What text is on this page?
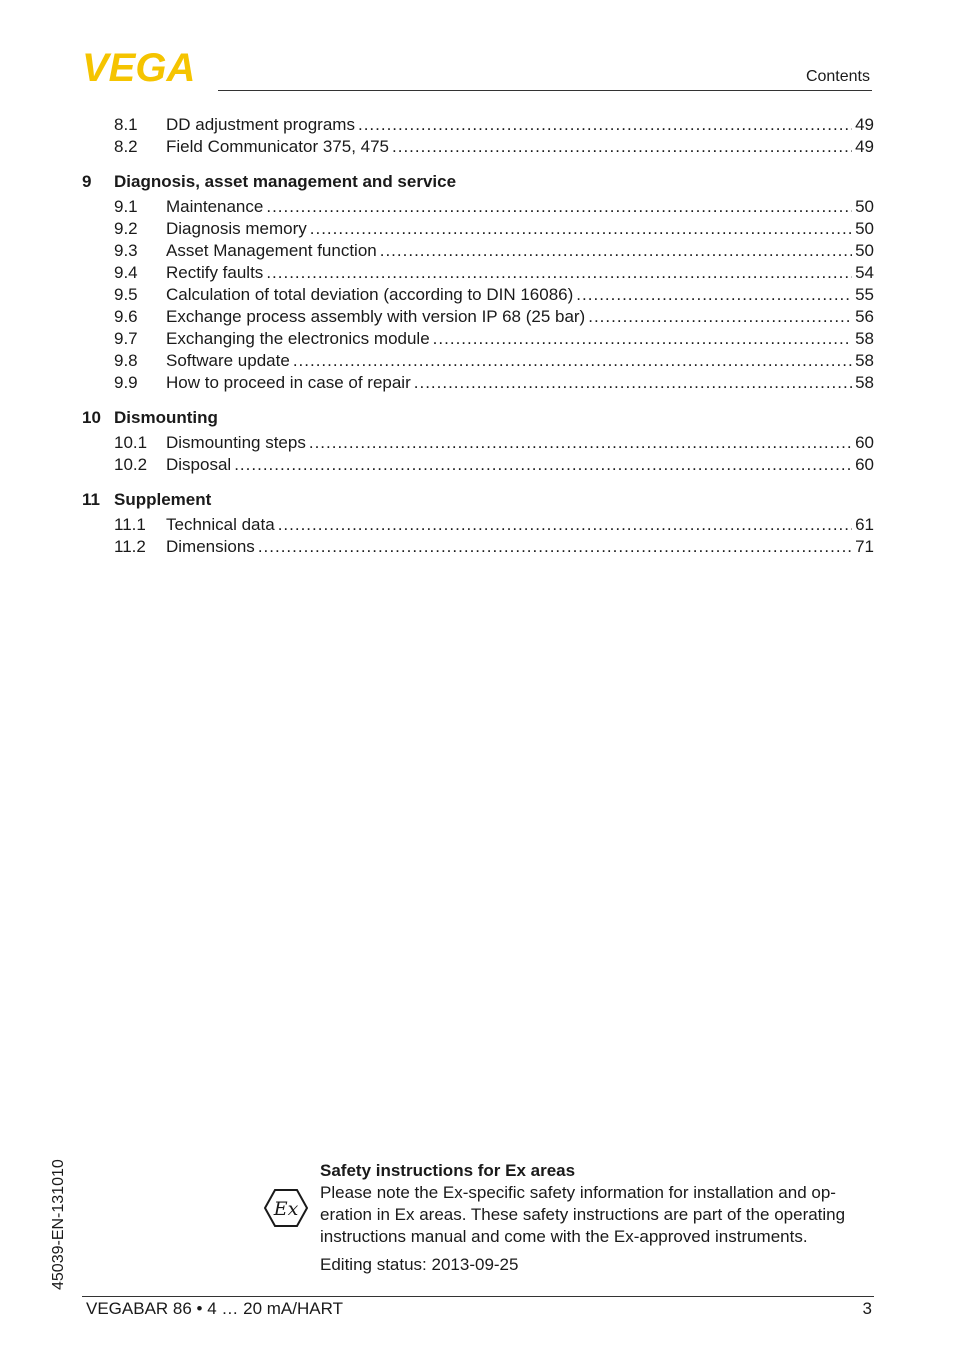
VEGA	Contents
8.1	DD adjustment programs .....	49
8.2	Field Communicator 375, 475 .....	49
9	Diagnosis, asset management and service
9.1	Maintenance .....	50
9.2	Diagnosis memory .....	50
9.3	Asset Management function .....	50
9.4	Rectify faults .....	54
9.5	Calculation of total deviation (according to DIN 16086) .....	55
9.6	Exchange process assembly with version IP 68 (25 bar) .....	56
9.7	Exchanging the electronics module .....	58
9.8	Software update .....	58
9.9	How to proceed in case of repair .....	58
10 Dismounting
10.1	Dismounting steps .....	60
10.2	Disposal .....	60
11 Supplement
11.1	Technical data .....	61
11.2	Dimensions .....	71
45039-EN-131010	Ex
Safety instructions for Ex areas
Please note the Ex-specific safety information for installation and op-eration in Ex areas. These safety instructions are part of the operating instructions manual and come with the Ex-approved instruments.
Editing status: 2013-09-25
VEGABAR 86 • 4 … 20 mA/HART	3
